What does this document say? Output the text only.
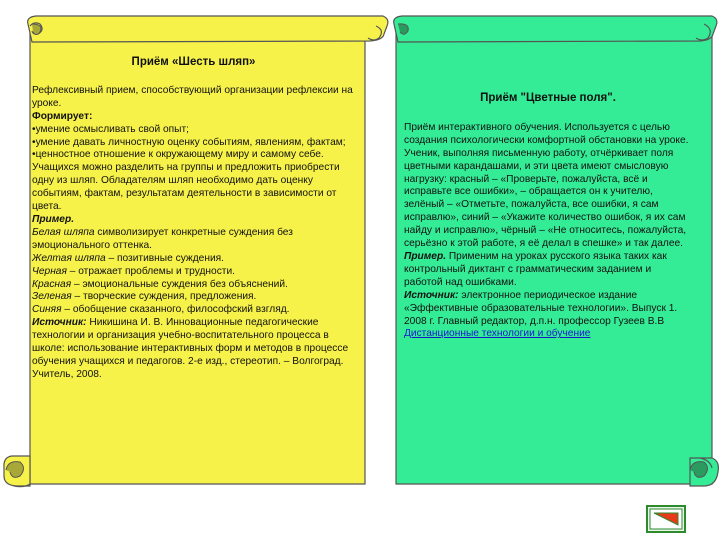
Приём «Шесть шляп»

Рефлексивный прием, способствующий организации рефлексии на уроке.

Формирует:

•умение осмысливать свой опыт;

•умение давать личностную оценку событиям, явлениям, фактам;

•ценностное отношение к окружающему миру и самому себе.

Учащихся можно разделить на группы и предложить приобрести одну из шляп. Обладателям шляп необходимо дать оценку событиям, фактам, результатам деятельности в зависимости от цвета.

Пример.

Белая шляпа символизирует конкретные суждения без эмоционального оттенка.

Желтая шляпа – позитивные суждения.

Черная – отражает проблемы и трудности.

Красная – эмоциональные суждения без объяснений.

Зеленая – творческие суждения, предложения.

Синяя – обобщение сказанного, философский взгляд.

Источник: Никишина И. В. Инновационные педагогические технологии и организация учебно-воспитательного процесса в школе: использование интерактивных форм и методов в процессе обучения учащихся и педагогов. 2-е изд., стереотип. – Волгоград. Учитель, 2008.

Приём "Цветные поля".

Приём интерактивного обучения. Используется с целью создания психологически комфортной обстановки на уроке. Ученик, выполняя письменную работу, отчёркивает поля цветными карандашами, и эти цвета имеют смысловую нагрузку: красный – «Проверьте, пожалуйста, всё и исправьте все ошибки», – обращается он к учителю, зелёный – «Отметьте, пожалуйста, все ошибки, я сам исправлю», синий – «Укажите количество ошибок, я их сам найду и исправлю», чёрный – «Не относитесь, пожалуйста, серьёзно к этой работе, я её делал в спешке» и так далее.

Пример. Применим на уроках русского языка таких как контрольный диктант с грамматическим заданием и работой над ошибками.

Источник: электронное периодическое издание «Эффективные образовательные технологии». Выпуск 1. 2008 г. Главный редактор, д.п.н. профессор Гузеев В.В Дистанционные технологии и обучение
